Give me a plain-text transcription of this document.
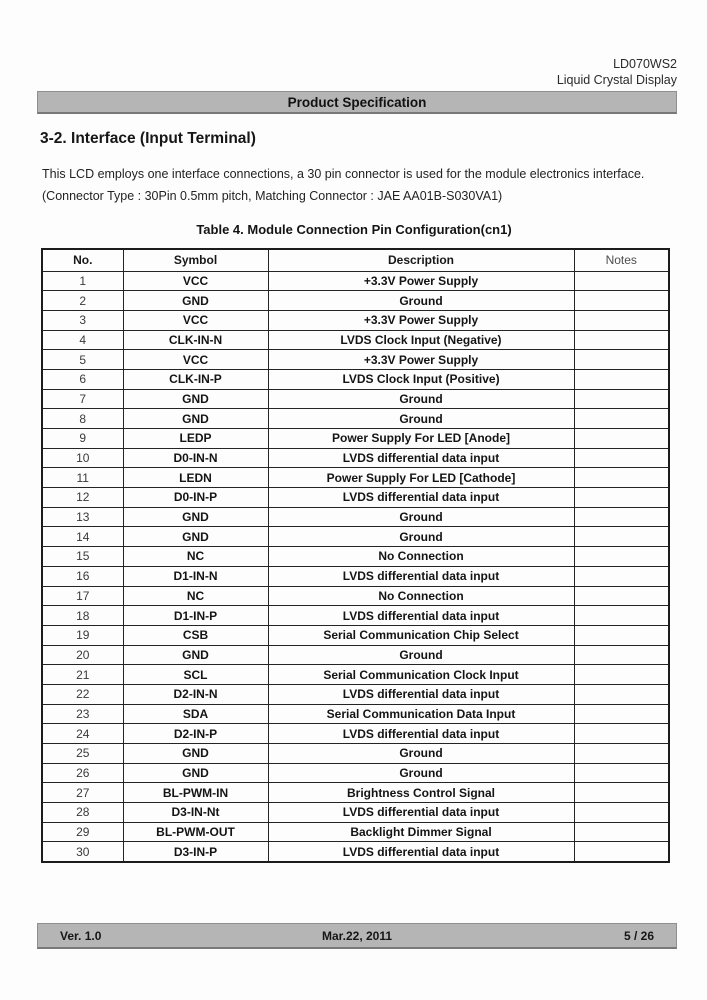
LD070WS2
Liquid Crystal Display
Product Specification
3-2. Interface (Input Terminal)
This LCD employs one interface connections, a 30 pin connector is used for the module electronics interface.
(Connector Type : 30Pin 0.5mm pitch, Matching Connector : JAE AA01B-S030VA1)
Table 4. Module Connection Pin Configuration(cn1)
No.	Symbol	Description	Notes
1	VCC	+3.3V Power Supply	
2	GND	Ground	
3	VCC	+3.3V Power Supply	
4	CLK-IN-N	LVDS Clock Input (Negative)	
5	VCC	+3.3V Power Supply	
6	CLK-IN-P	LVDS Clock Input (Positive)	
7	GND	Ground	
8	GND	Ground	
9	LEDP	Power Supply For LED [Anode]	
10	D0-IN-N	LVDS differential data input	
11	LEDN	Power Supply For LED [Cathode]	
12	D0-IN-P	LVDS differential data input	
13	GND	Ground	
14	GND	Ground	
15	NC	No Connection	
16	D1-IN-N	LVDS differential data input	
17	NC	No Connection	
18	D1-IN-P	LVDS differential data input	
19	CSB	Serial Communication Chip Select	
20	GND	Ground	
21	SCL	Serial Communication Clock Input	
22	D2-IN-N	LVDS differential data input	
23	SDA	Serial Communication Data Input	
24	D2-IN-P	LVDS differential data input	
25	GND	Ground	
26	GND	Ground	
27	BL-PWM-IN	Brightness Control Signal	
28	D3-IN-Nt	LVDS differential data input	
29	BL-PWM-OUT	Backlight Dimmer Signal	
30	D3-IN-P	LVDS differential data input	
Ver. 1.0	Mar.22, 2011	5 / 26
